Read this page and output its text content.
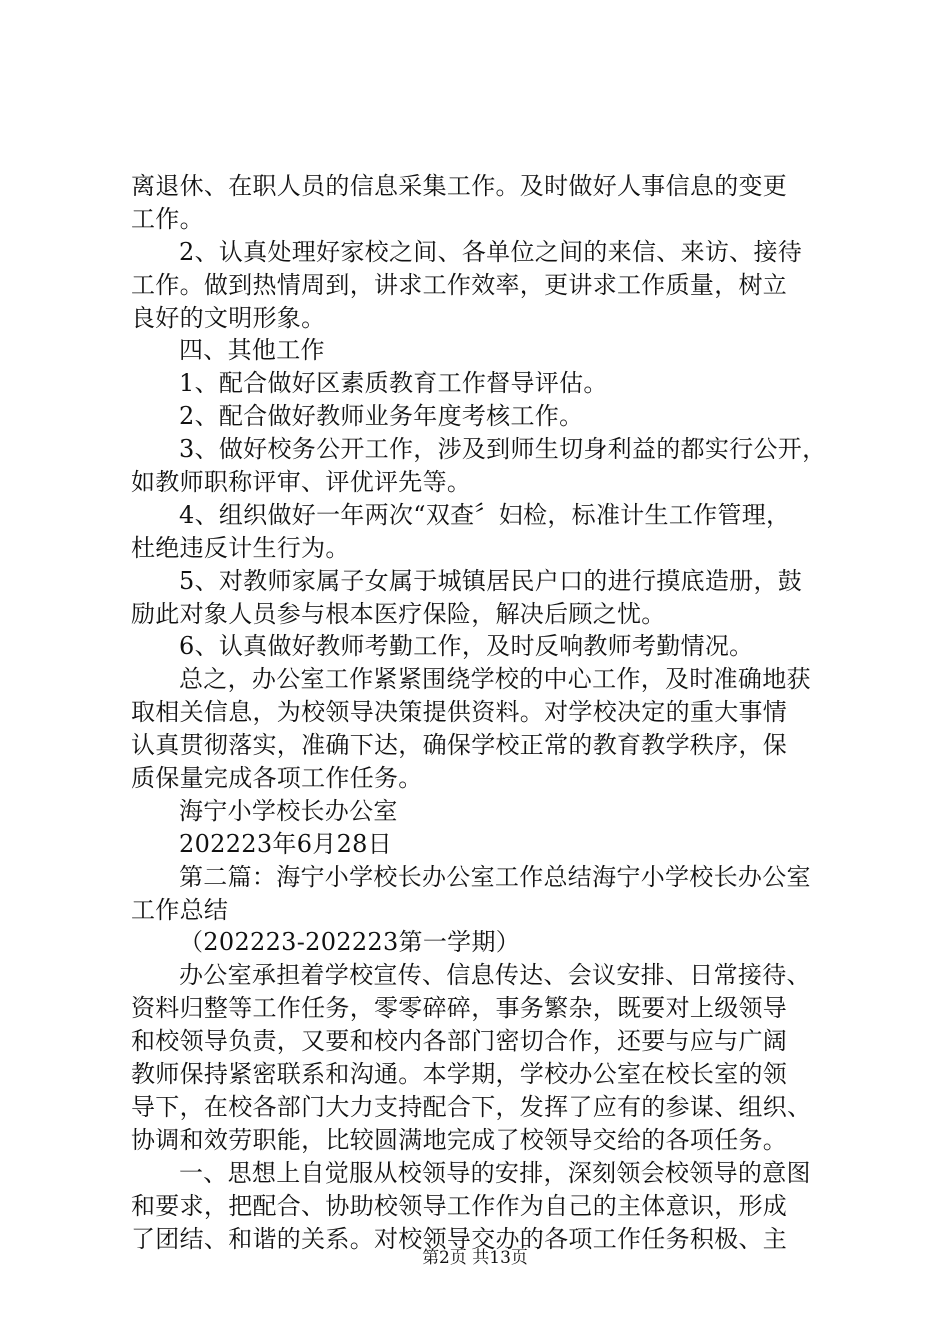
离退休、在职人员的信息采集工作。及时做好人事信息的变更
工作。
2、认真处理好家校之间、各单位之间的来信、来访、接待
工作。做到热情周到，讲求工作效率，更讲求工作质量，树立
良好的文明形象。
四、其他工作
1、配合做好区素质教育工作督导评估。
2、配合做好教师业务年度考核工作。
3、做好校务公开工作，涉及到师生切身利益的都实行公开，
如教师职称评审、评优评先等。
4、组织做好一年两次“双查〞妇检，标准计生工作管理，
杜绝违反计生行为。
5、对教师家属子女属于城镇居民户口的进行摸底造册，鼓
励此对象人员参与根本医疗保险，解决后顾之忧。
6、认真做好教师考勤工作，及时反响教师考勤情况。
总之，办公室工作紧紧围绕学校的中心工作，及时准确地获
取相关信息，为校领导决策提供资料。对学校决定的重大事情
认真贯彻落实，准确下达，确保学校正常的教育教学秩序，保
质保量完成各项工作任务。
海宁小学校长办公室
202223年6月28日
第二篇：海宁小学校长办公室工作总结海宁小学校长办公室
工作总结
（202223-202223第一学期）
办公室承担着学校宣传、信息传达、会议安排、日常接待、
资料归整等工作任务，零零碎碎，事务繁杂，既要对上级领导
和校领导负责，又要和校内各部门密切合作，还要与应与广阔
教师保持紧密联系和沟通。本学期，学校办公室在校长室的领
导下，在校各部门大力支持配合下，发挥了应有的参谋、组织、
协调和效劳职能，比较圆满地完成了校领导交给的各项任务。
一、思想上自觉服从校领导的安排，深刻领会校领导的意图
和要求，把配合、协助校领导工作作为自己的主体意识，形成
了团结、和谐的关系。对校领导交办的各项工作任务积极、主
第2页 共13页
